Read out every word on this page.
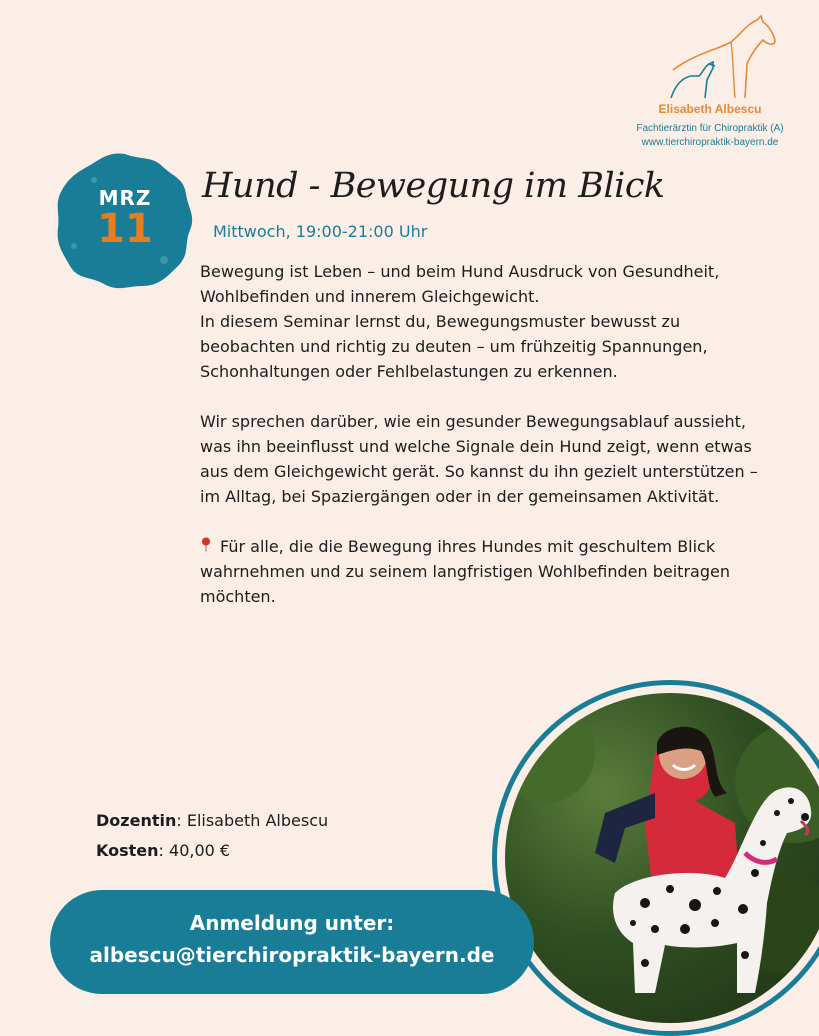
Elisabeth Albescu
Fachtierärztin für Chiropraktik (A)
www.tierchiropraktik-bayern.de
MRZ
11
Hund - Bewegung im Blick
Mittwoch, 19:00-21:00 Uhr

Bewegung ist Leben – und beim Hund Ausdruck von Gesundheit, Wohlbefinden und innerem Gleichgewicht.
In diesem Seminar lernst du, Bewegungsmuster bewusst zu beobachten und richtig zu deuten – um frühzeitig Spannungen, Schonhaltungen oder Fehlbelastungen zu erkennen.

Wir sprechen darüber, wie ein gesunder Bewegungsablauf aussieht, was ihn beeinflusst und welche Signale dein Hund zeigt, wenn etwas aus dem Gleichgewicht gerät. So kannst du ihn gezielt unterstützen – im Alltag, bei Spaziergängen oder in der gemeinsamen Aktivität.

Für alle, die die Bewegung ihres Hundes mit geschultem Blick wahrnehmen und zu seinem langfristigen Wohlbefinden beitragen möchten.

Dozentin: Elisabeth Albescu
Kosten: 40,00 €
Anmeldung unter:
albescu@tierchiropraktik-bayern.de
